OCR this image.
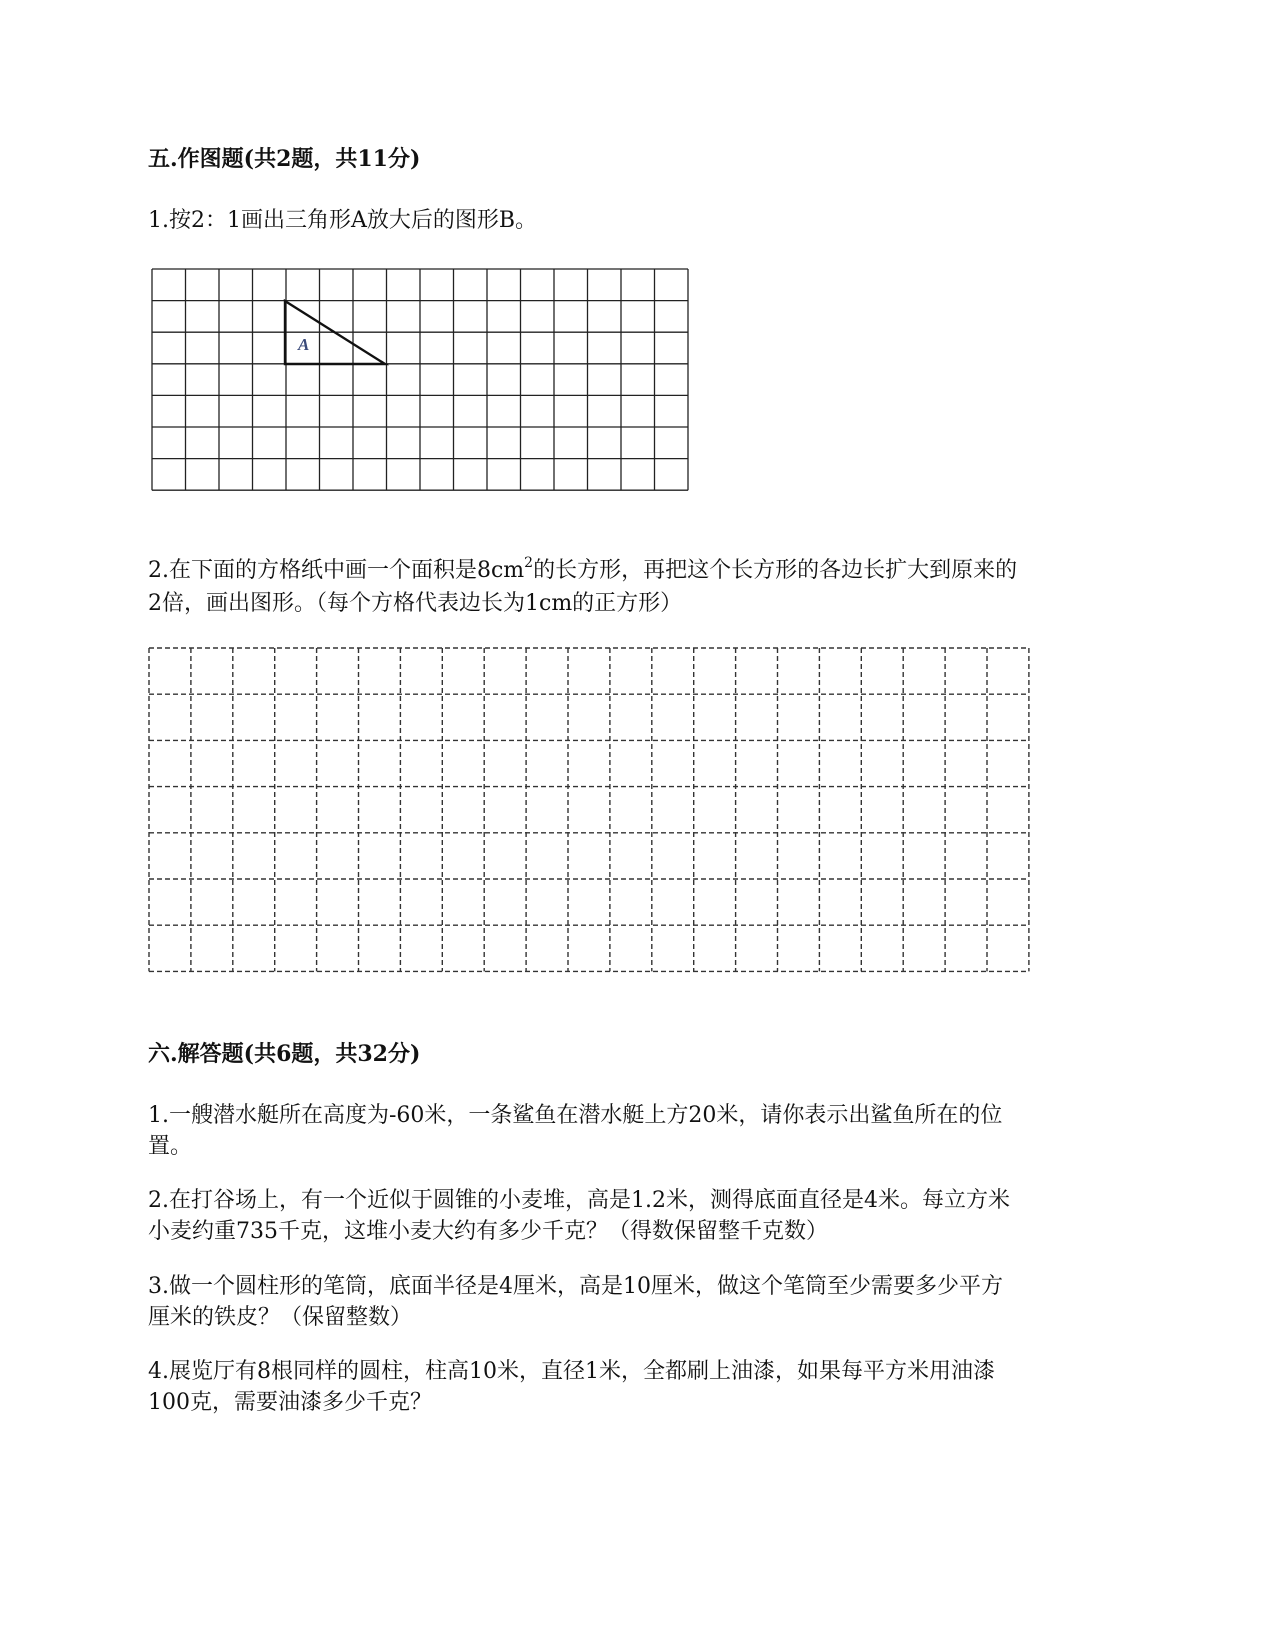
五.作图题(共2题，共11分)
1.按2：1画出三角形A放大后的图形B。
A
2.在下面的方格纸中画一个面积是$8cm^2$的长方形，再把这个长方形的各边长扩大到原来的
2倍，画出图形。（每个方格代表边长为1cm的正方形）
六.解答题(共6题，共32分)
1.一艘潜水艇所在高度为-60米，一条鲨鱼在潜水艇上方20米，请你表示出鲨鱼所在的位
置。
2.在打谷场上，有一个近似于圆锥的小麦堆，高是1.2米，测得底面直径是4米。每立方米
小麦约重735千克，这堆小麦大约有多少千克？（得数保留整千克数）
3.做一个圆柱形的笔筒，底面半径是4厘米，高是10厘米，做这个笔筒至少需要多少平方
厘米的铁皮？（保留整数）
4.展览厅有8根同样的圆柱，柱高10米，直径1米，全都刷上油漆，如果每平方米用油漆
100克，需要油漆多少千克？
